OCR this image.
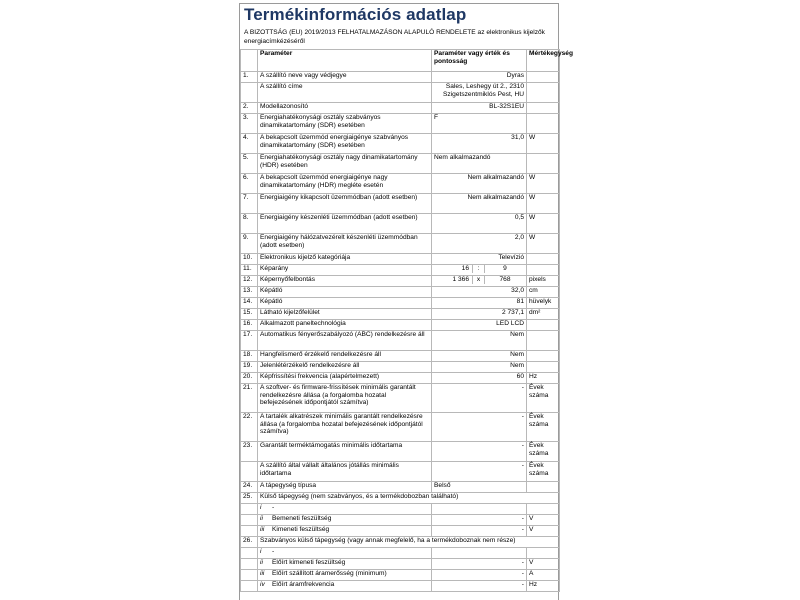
Termékinformációs adatlap
A BIZOTTSÁG (EU) 2019/2013 FELHATALMAZÁSON ALAPULÓ RENDELETE az elektronikus kijelzők energiacímkézéséről
	Paraméter	Paraméter vagy érték és pontosság	Mértékegység
1.	A szállító neve vagy védjegye	Dyras	
	A szállító címe	Sales, Leshegy út 2., 2310 Szigetszentmiklós Pest, HU	
2.	Modellazonosító	BL-32S1EU	
3.	Energiahatékonysági osztály szabványos dinamikatartomány (SDR) esetében	F	
4.	A bekapcsolt üzemmód energiaigénye szabványos dinamikatartomány (SDR) esetében	31,0	W
5.	Energiahatékonysági osztály nagy dinamikatartomány (HDR) esetében	Nem alkalmazandó	
6.	A bekapcsolt üzemmód energiaigénye nagy dinamikatartomány (HDR) megléte esetén	Nem alkalmazandó	W
7.	Energiaigény kikapcsolt üzemmódban (adott esetben)	Nem alkalmazandó	W
8.	Energiaigény készenléti üzemmódban (adott esetben)	0,5	W
9.	Energiaigény hálózatvezérelt készenléti üzemmódban (adott esetben)	2,0	W
10.	Elektronikus kijelző kategóriája	Televízió	
11.	Képarány	16 : 9	

12.	Képernyőfelbontás	1 366 x 768	pixels
13.	Képátló	32,0	cm
14.	Képátló	81	hüvelyk
15.	Látható kijelzőfelület	2 737,1	dm²
16.	Alkalmazott paneltechnológia	LED LCD	
17.	Automatikus fényerőszabályozó (ABC) rendelkezésre áll	Nem	
18.	Hangfelismerő érzékelő rendelkezésre áll	Nem	
19.	Jelenlétérzékelő rendelkezésre áll	Nem	
20.	Képfrissítési frekvencia (alapértelmezett)	60	Hz
21.	A szoftver- és firmware-frissítések minimális garantált rendelkezésre állása (a forgalomba hozatal befejezésének időpontjától számítva)	-	Évek száma
22.	A tartalék alkatrészek minimális garantált rendelkezésre állása (a forgalomba hozatal befejezésének időpontjától számítva)	-	Évek száma
23.	Garantált terméktámogatás minimális időtartama	-	Évek száma
	A szállító által vállalt általános jótállás minimális időtartama	-	Évek száma
24.	A tápegység típusa	Belső	
25.	Külső tápegység (nem szabványos, és a termékdobozban található)		
	i -		
	ii Bemeneti feszültség	-	V
	iii Kimeneti feszültség	-	V
26.	Szabványos külső tápegység (vagy annak megfelelő, ha a termékdoboznak nem része)		
	i -		
	ii Előírt kimeneti feszültség	-	V
	iii Előírt szállított áramerősség (minimum)	-	A
	iv Előírt áramfrekvencia	-	Hz
